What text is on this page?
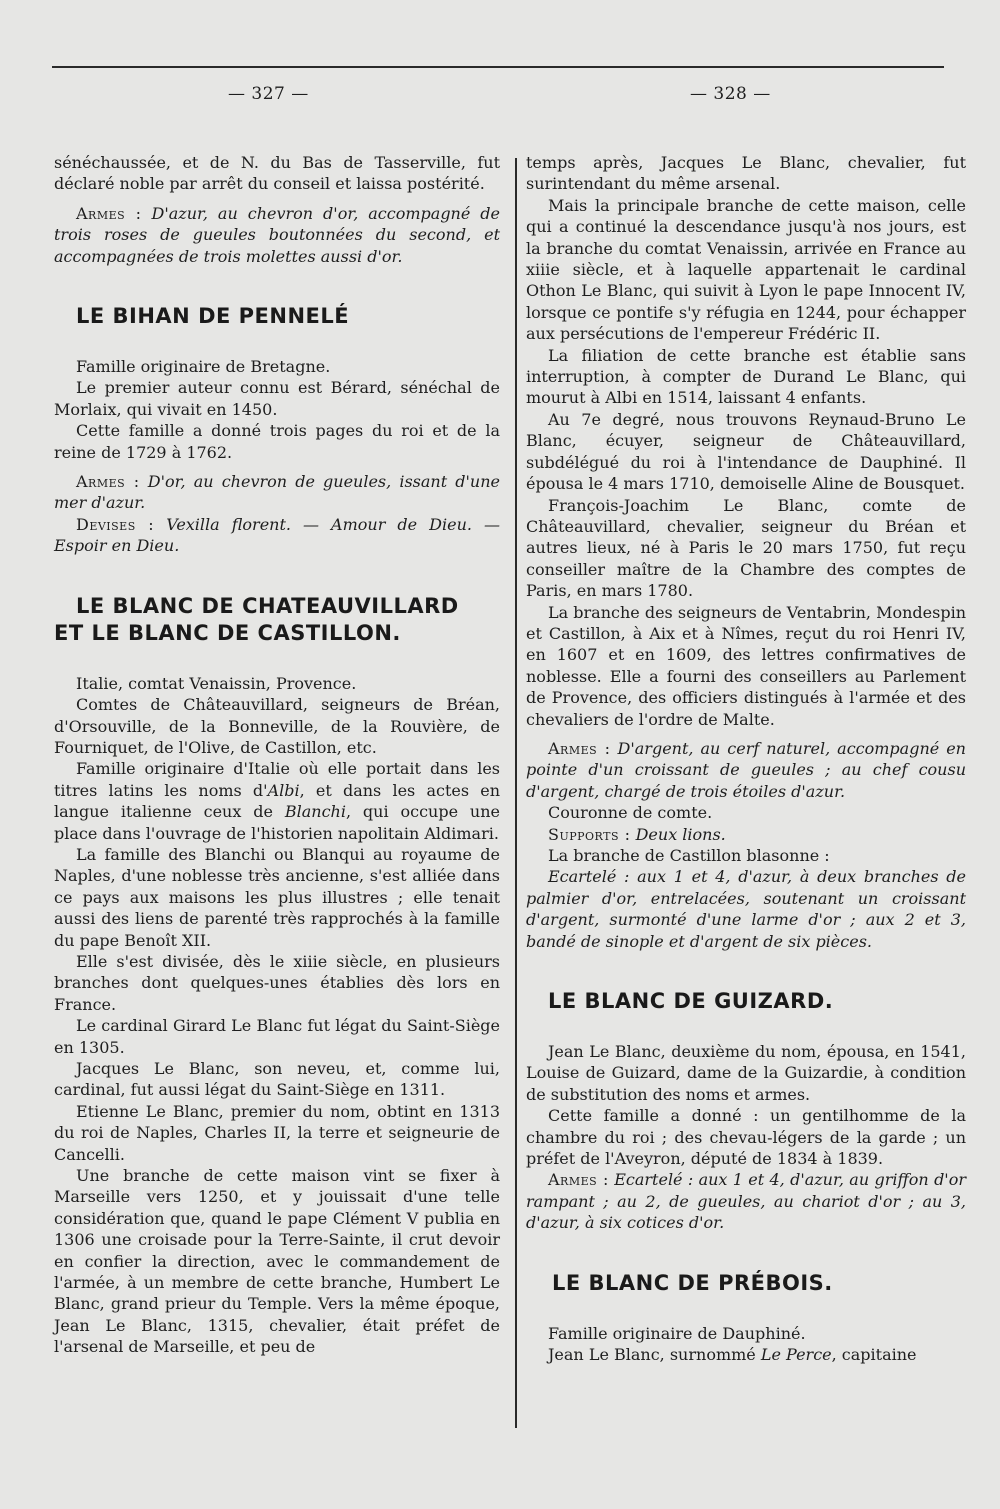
— 327 —	— 328 —

sénéchaussée, et de N. du Bas de Tasserville, fut déclaré noble par arrêt du conseil et laissa postérité.

Armes : D'azur, au chevron d'or, accompagné de trois roses de gueules boutonnées du second, et accompagnées de trois molettes aussi d'or.

LE BIHAN DE PENNELÉ

Famille originaire de Bretagne.

Le premier auteur connu est Bérard, sénéchal de Morlaix, qui vivait en 1450.

Cette famille a donné trois pages du roi et de la reine de 1729 à 1762.

Armes : D'or, au chevron de gueules, issant d'une mer d'azur.

Devises : Vexilla florent. — Amour de Dieu. — Espoir en Dieu.

LE BLANC DE CHATEAUVILLARD
ET LE BLANC DE CASTILLON.

Italie, comtat Venaissin, Provence.

Comtes de Châteauvillard, seigneurs de Bréan, d'Orsouville, de la Bonneville, de la Rouvière, de Fourniquet, de l'Olive, de Castillon, etc.

Famille originaire d'Italie où elle portait dans les titres latins les noms d'Albi, et dans les actes en langue italienne ceux de Blanchi, qui occupe une place dans l'ouvrage de l'historien napolitain Aldimari.

La famille des Blanchi ou Blanqui au royaume de Naples, d'une noblesse très ancienne, s'est alliée dans ce pays aux maisons les plus illustres ; elle tenait aussi des liens de parenté très rapprochés à la famille du pape Benoît XII.

Elle s'est divisée, dès le xiiie siècle, en plusieurs branches dont quelques-unes établies dès lors en France.

Le cardinal Girard Le Blanc fut légat du Saint-Siège en 1305.

Jacques Le Blanc, son neveu, et, comme lui, cardinal, fut aussi légat du Saint-Siège en 1311.

Etienne Le Blanc, premier du nom, obtint en 1313 du roi de Naples, Charles II, la terre et seigneurie de Cancelli.

Une branche de cette maison vint se fixer à Marseille vers 1250, et y jouissait d'une telle considération que, quand le pape Clément V publia en 1306 une croisade pour la Terre-Sainte, il crut devoir en confier la direction, avec le commandement de l'armée, à un membre de cette branche, Humbert Le Blanc, grand prieur du Temple. Vers la même époque, Jean Le Blanc, 1315, chevalier, était préfet de l'arsenal de Marseille, et peu de

temps après, Jacques Le Blanc, chevalier, fut surintendant du même arsenal.

Mais la principale branche de cette maison, celle qui a continué la descendance jusqu'à nos jours, est la branche du comtat Venaissin, arrivée en France au xiiie siècle, et à laquelle appartenait le cardinal Othon Le Blanc, qui suivit à Lyon le pape Innocent IV, lorsque ce pontife s'y réfugia en 1244, pour échapper aux persécutions de l'empereur Frédéric II.

La filiation de cette branche est établie sans interruption, à compter de Durand Le Blanc, qui mourut à Albi en 1514, laissant 4 enfants.

Au 7e degré, nous trouvons Reynaud-Bruno Le Blanc, écuyer, seigneur de Châteauvillard, subdélégué du roi à l'intendance de Dauphiné. Il épousa le 4 mars 1710, demoiselle Aline de Bousquet.

François-Joachim Le Blanc, comte de Châteauvillard, chevalier, seigneur du Bréan et autres lieux, né à Paris le 20 mars 1750, fut reçu conseiller maître de la Chambre des comptes de Paris, en mars 1780.

La branche des seigneurs de Ventabrin, Mondespin et Castillon, à Aix et à Nîmes, reçut du roi Henri IV, en 1607 et en 1609, des lettres confirmatives de noblesse. Elle a fourni des conseillers au Parlement de Provence, des officiers distingués à l'armée et des chevaliers de l'ordre de Malte.

Armes : D'argent, au cerf naturel, accompagné en pointe d'un croissant de gueules ; au chef cousu d'argent, chargé de trois étoiles d'azur.

Couronne de comte.

Supports : Deux lions.

La branche de Castillon blasonne :

Ecartelé : aux 1 et 4, d'azur, à deux branches de palmier d'or, entrelacées, soutenant un croissant d'argent, surmonté d'une larme d'or ; aux 2 et 3, bandé de sinople et d'argent de six pièces.

LE BLANC DE GUIZARD.

Jean Le Blanc, deuxième du nom, épousa, en 1541, Louise de Guizard, dame de la Guizardie, à condition de substitution des noms et armes.

Cette famille a donné : un gentilhomme de la chambre du roi ; des chevau-légers de la garde ; un préfet de l'Aveyron, député de 1834 à 1839.

Armes : Ecartelé : aux 1 et 4, d'azur, au griffon d'or rampant ; au 2, de gueules, au chariot d'or ; au 3, d'azur, à six cotices d'or.

LE BLANC DE PRÉBOIS.

Famille originaire de Dauphiné.

Jean Le Blanc, surnommé Le Perce, capitaine
